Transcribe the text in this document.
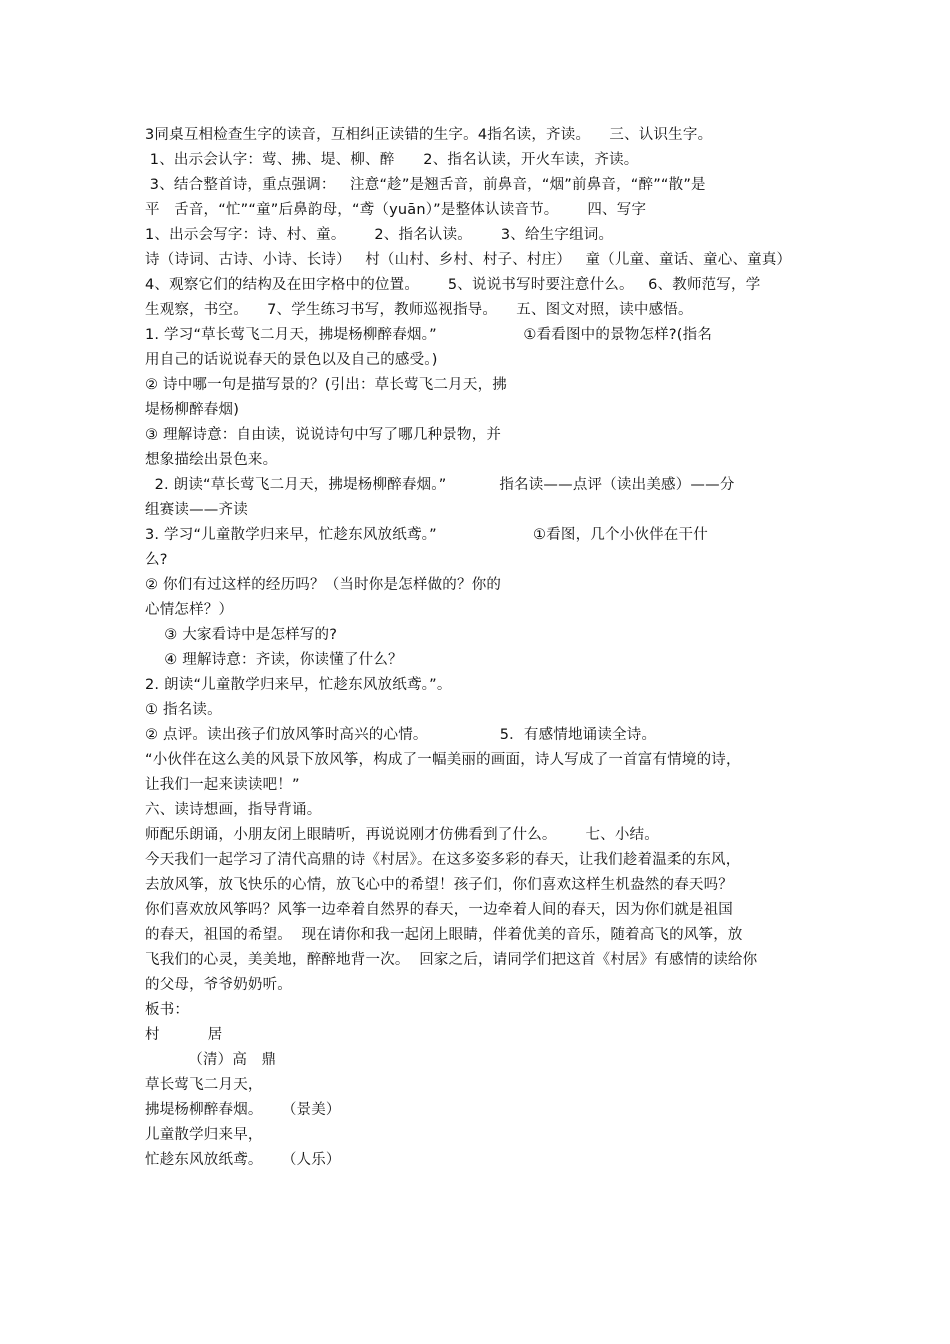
3同桌互相检查生字的读音，互相纠正读错的生字。4指名读，齐读。    三、认识生字。
1、出示会认字：莺、拂、堤、柳、醉      2、指名认读，开火车读，齐读。
3、结合整首诗，重点强调：   注意“趁”是翘舌音，前鼻音，“烟”前鼻音，“醉”“散”是
平   舌音，“忙”“童”后鼻韵母，“鸢（yuān）”是整体认读音节。      四、写字
1、出示会写字：诗、村、童。      2、指名认读。      3、给生字组词。
诗（诗词、古诗、小诗、长诗）   村（山村、乡村、村子、村庄）   童（儿童、童话、童心、童真）
4、观察它们的结构及在田字格中的位置。      5、说说书写时要注意什么。   6、教师范写，学
生观察，书空。    7、学生练习书写，教师巡视指导。    五、图文对照，读中感悟。
1. 学习“草长莺飞二月天，拂堤杨柳醉春烟。”                  ①看看图中的景物怎样?(指名
用自己的话说说春天的景色以及自己的感受。)
② 诗中哪一句是描写景的？(引出：草长莺飞二月天，拂
堤杨柳醉春烟)
③ 理解诗意：自由读，说说诗句中写了哪几种景物，并
想象描绘出景色来。
2. 朗读“草长莺飞二月天，拂堤杨柳醉春烟。”           指名读——点评（读出美感）——分
组赛读——齐读
3. 学习“儿童散学归来早，忙趁东风放纸鸢。”                    ①看图，几个小伙伴在干什
么?
② 你们有过这样的经历吗？（当时你是怎样做的？你的
心情怎样？）
③ 大家看诗中是怎样写的?
④ 理解诗意：齐读，你读懂了什么？
2. 朗读“儿童散学归来早，忙趁东风放纸鸢。”。
① 指名读。
② 点评。读出孩子们放风筝时高兴的心情。               5．有感情地诵读全诗。
“小伙伴在这么美的风景下放风筝，构成了一幅美丽的画面，诗人写成了一首富有情境的诗，
让我们一起来读读吧！”
六、读诗想画，指导背诵。
师配乐朗诵，小朋友闭上眼睛听，再说说刚才仿佛看到了什么。      七、小结。
今天我们一起学习了清代高鼎的诗《村居》。在这多姿多彩的春天，让我们趁着温柔的东风，
去放风筝，放飞快乐的心情，放飞心中的希望！孩子们，你们喜欢这样生机盎然的春天吗？
你们喜欢放风筝吗？风筝一边牵着自然界的春天，一边牵着人间的春天，因为你们就是祖国
的春天，祖国的希望。  现在请你和我一起闭上眼睛，伴着优美的音乐，随着高飞的风筝，放
飞我们的心灵，美美地，醉醉地背一次。  回家之后，请同学们把这首《村居》有感情的读给你
的父母，爷爷奶奶听。
板书：
村          居
（清）高   鼎
草长莺飞二月天，
拂堤杨柳醉春烟。    （景美）
儿童散学归来早，
忙趁东风放纸鸢。    （人乐）
